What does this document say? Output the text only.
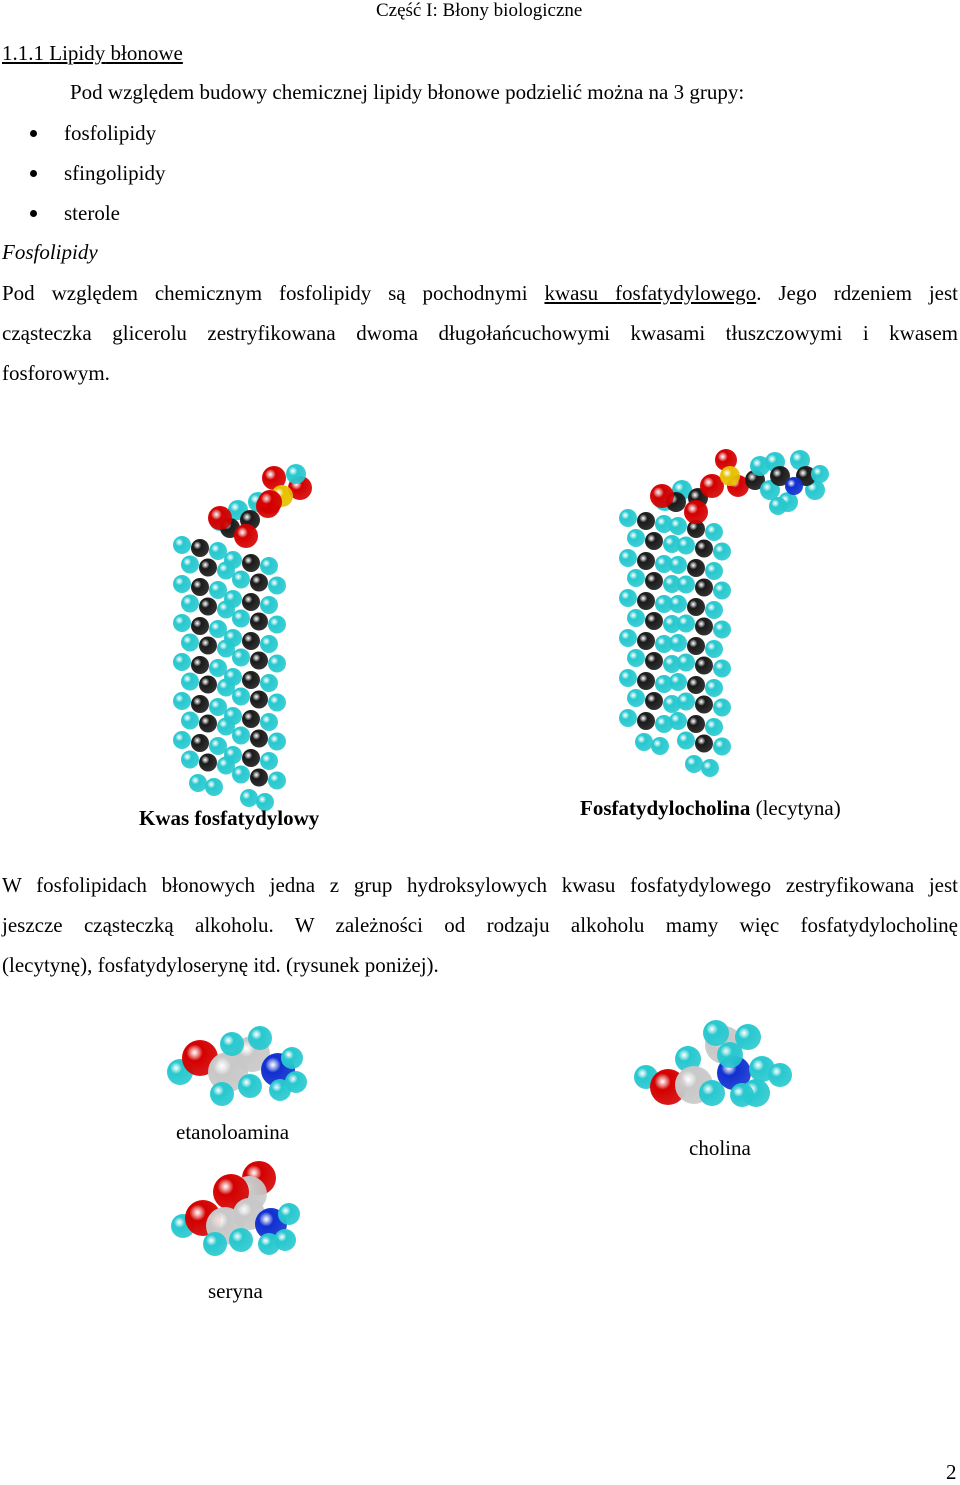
Część I: Błony biologiczne
1.1.1 Lipidy błonowe
Pod względem budowy chemicznej lipidy błonowe podzielić można na 3 grupy:
fosfolipidy
sfingolipidy
sterole
Fosfolipidy
Pod względem chemicznym fosfolipidy są pochodnymi kwasu fosfatydylowego. Jego rdzeniem jest
cząsteczka glicerolu zestryfikowana dwoma długołańcuchowymi kwasami tłuszczowymi i kwasem
fosforowym.
Kwas fosfatydylowy	Fosfatydylocholina (lecytyna)
W fosfolipidach błonowych jedna z grup hydroksylowych kwasu fosfatydylowego zestryfikowana jest
jeszcze cząsteczką alkoholu. W zależności od rodzaju alkoholu mamy więc fosfatydylocholinę
(lecytynę), fosfatydyloserynę itd. (rysunek poniżej).
etanoloamina
cholina
seryna
2
